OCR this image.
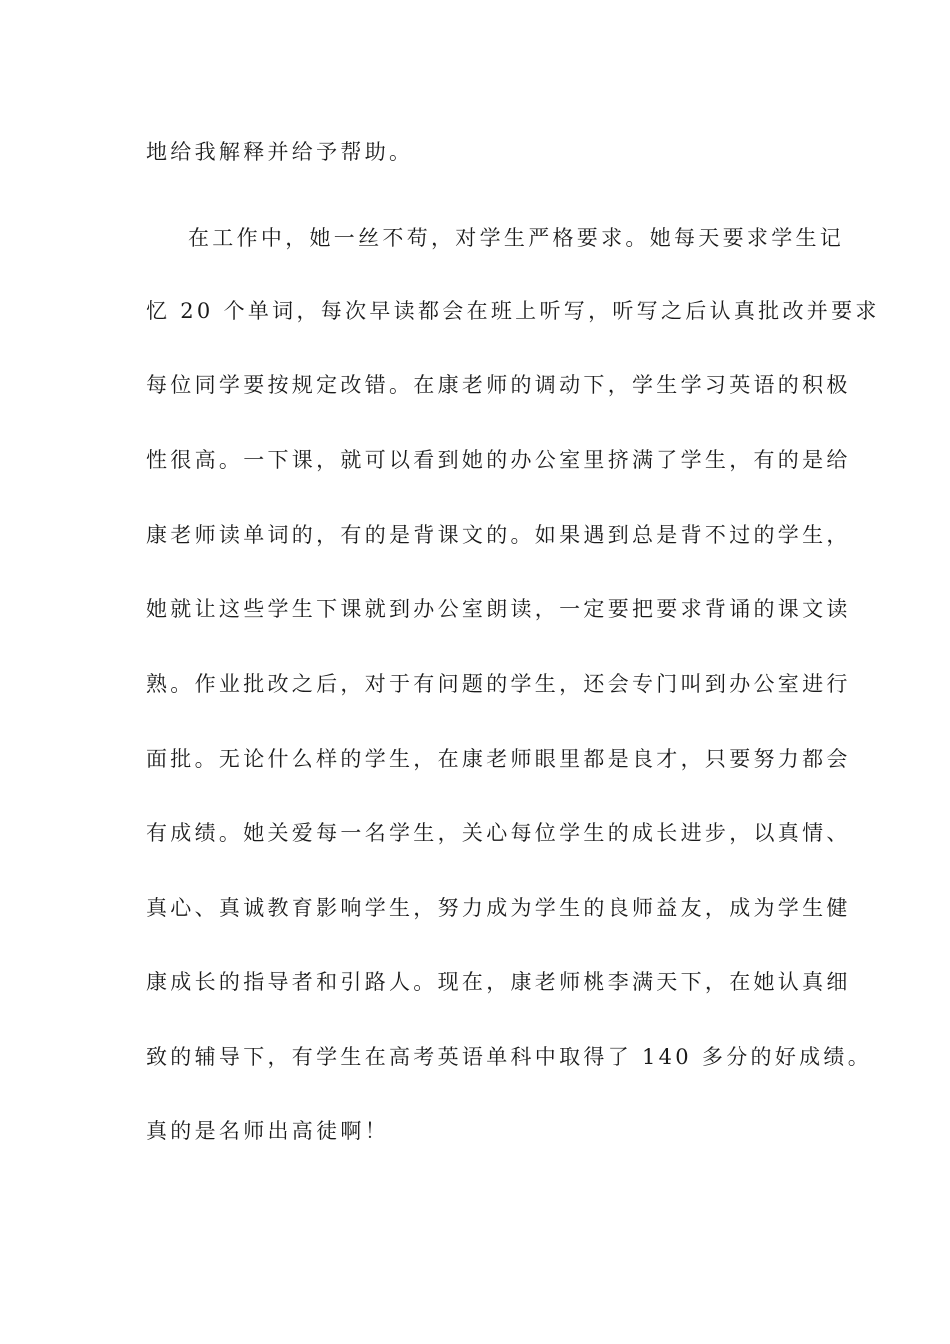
地给我解释并给予帮助。
在工作中，她一丝不苟，对学生严格要求。她每天要求学生记
忆 20 个单词，每次早读都会在班上听写，听写之后认真批改并要求
每位同学要按规定改错。在康老师的调动下，学生学习英语的积极
性很高。一下课，就可以看到她的办公室里挤满了学生，有的是给
康老师读单词的，有的是背课文的。如果遇到总是背不过的学生，
她就让这些学生下课就到办公室朗读，一定要把要求背诵的课文读
熟。作业批改之后，对于有问题的学生，还会专门叫到办公室进行
面批。无论什么样的学生，在康老师眼里都是良才，只要努力都会
有成绩。她关爱每一名学生，关心每位学生的成长进步，以真情、
真心、真诚教育影响学生，努力成为学生的良师益友，成为学生健
康成长的指导者和引路人。现在，康老师桃李满天下，在她认真细
致的辅导下，有学生在高考英语单科中取得了 140 多分的好成绩。
真的是名师出高徒啊！
